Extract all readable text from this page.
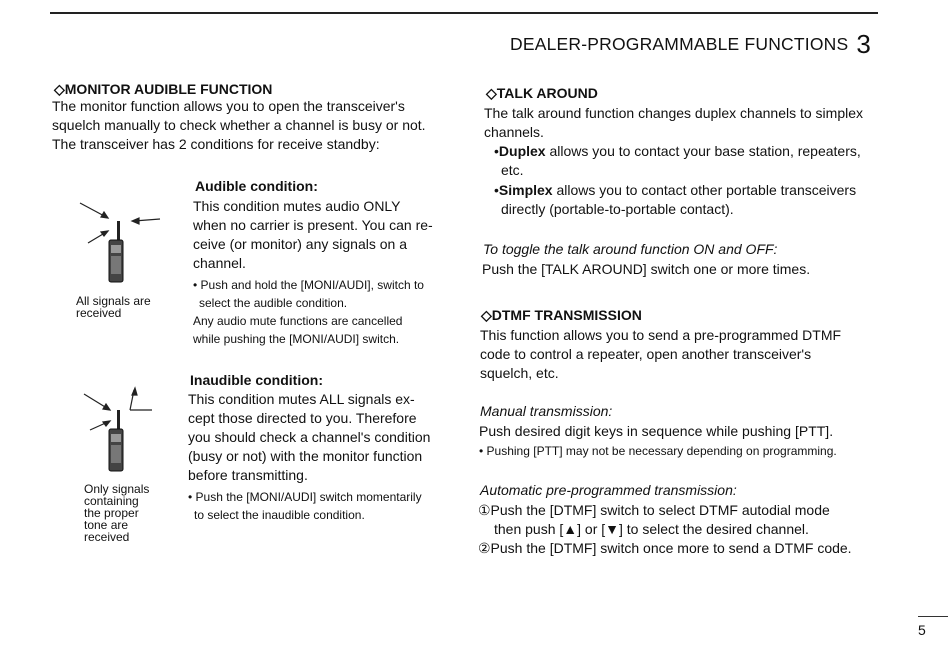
DEALER-PROGRAMMABLE FUNCTIONS 3
◇MONITOR AUDIBLE FUNCTION
The monitor function allows you to open the transceiver's
squelch manually to check whether a channel is busy or not.
The transceiver has 2 conditions for receive standby:
All signals are
received
Audible condition:
This condition mutes audio ONLY
when no carrier is present. You can re-
ceive (or monitor) any signals on a
channel.
• Push and hold the [MONI/AUDI], switch to
select the audible condition.
Any audio mute functions are cancelled
while pushing the [MONI/AUDI] switch.
Only signals
containing
the proper
tone are
received
Inaudible condition:
This condition mutes ALL signals ex-
cept those directed to you. Therefore
you should check a channel's condition
(busy or not) with the monitor function
before transmitting.
• Push the [MONI/AUDI] switch momentarily
to select the inaudible condition.
◇TALK AROUND
The talk around function changes duplex channels to simplex
channels.
•Duplex allows you to contact your base station, repeaters,
etc.
•Simplex allows you to contact other portable transceivers
directly (portable-to-portable contact).
To toggle the talk around function ON and OFF:
Push the [TALK AROUND] switch one or more times.
◇DTMF TRANSMISSION
This function allows you to send a pre-programmed DTMF
code to control a repeater, open another transceiver's
squelch, etc.
Manual transmission:
Push desired digit keys in sequence while pushing [PTT].
• Pushing [PTT] may not be necessary depending on programming.
Automatic pre-programmed transmission:
①Push the [DTMF] switch to select DTMF autodial mode
then push [▲] or [▼] to select the desired channel.
②Push the [DTMF] switch once more to send a DTMF code.
5
